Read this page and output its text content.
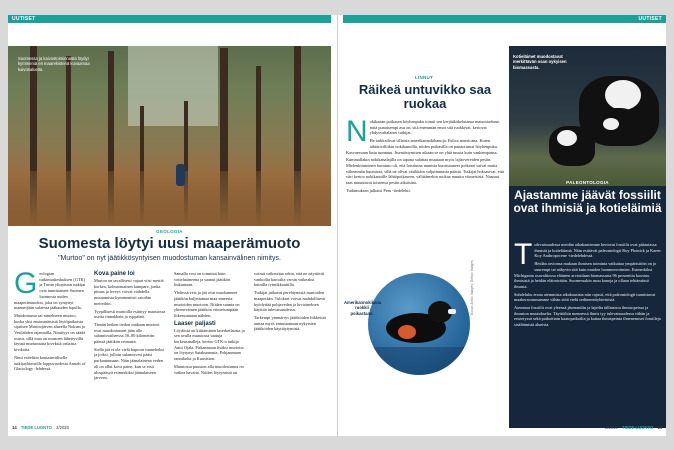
UUTISET	UUTISET
Suomessa ja kaivostoiminnasta löydyt kymmeniä eri maarekisteriä kuvaamaa kaivosalueita.
GEOLOGIA
Suomesta löytyi uusi maaperämuoto
"Murtoo" on nyt jäätikkösyntyisen muodostuman kansainvälinen nimitys.

Geologian tutkimuskeskuksen (GTK) ja Turun yliopiston tutkijat ovat tunnistaneet Suomen luonnosta uuden maaperämuodon, joka on syntynyt mannerjään sulaessa jääkauden lopulla.

Muodostuma sai nimekseen murtoo, koska yksi ensimmäisistä löytöpaikoista sijaitsee Murtoojärven alueella Nokian ja Vesilahden rajamailla. Nimityys on säädä osuva, sillä mua on murtoen lähettyvillä täysnä murtumutta kiveksiä ortlaisia kivikoita.

Nimi esiteltiin kansainväliselle tutkijayhteisölle loppuvuodesta Annals of Glaciology -lehdessä.

Kova paine loi

Murtoo on tavallisesti vajaat viisi metriä korkea, kolmiomainen kumpare, jonka pituus ja leveys voivat vaihdella muutamista kymmeniisti satoihin metreihin.

Tyypillisesti murtoilla esiintyy maastossa useita rinnakkain ja ryppäinä.

Tämän hetken tiedon mukaan murtoot ovat muodostuneet jään alle sulamisvaiheessa 50–80 kilometrin päässä jäätikön reunasta.

Siellä jää ei ole vielä kuporut tunneleiksi ja joiksi, jolloin sulamisvesi pääsi purkautumaan. Näin jäänalainena veden ali on ollut kova paine, kun se etsii ulospääsyä esimerkiksi jäänalaiseen järveen.

Samalla vesi on toiminut kuin voiteluaineena ja saanut jäätikön liukumaan.

Yhdessä vesi ja jää ovat muokanneet jäätikön kuljettamaa maa-aineesta murtoiden muotoon. Niiden suunta on yhteneväinen jäätikön viimeisimpään liikesuuntaan nähden.

Laaser paljasti

Löydöstä on kiittäminen laserkeilausta ja sen avulla maastosta saatuja korkeusmalleja, kertoo GTK:n tutkija Antti Ojala. Pirkanmaan lisäksi murtoita on löytynyt Satakunnasta, Pohjanmaan rannikolta ja Kuusiston.

Maastossa puuston alla muodostumia on vaikea havaita. Niiden löytymistä on

voinut vaikeuttaa sekin, että ne näyttävät vanhoilta kartoilta varsin vaikeaksi kuinilla rytmikkauttilla.

Tutkijat jatkavat perehtymistä murtoiden maaperään. Tulokset voivat mahdollisesti hyödyttää pohjaveden ja kiviaineksen käyttöä tulevaisuudessa.

Tarkempi ymmärrys jäätiköiden liikkeistä auttaa myös ennustamaan nykyisten jäätiköiden käyttäytymistä.

14 TIEDE LUONTO 2/2020
LINNUT
Räikeä untuvikko saa ruokaa

Nokikanan poikasen höyhenpuku toimii sen kerjääkäkelutansa maisostaduna: mitä punaisempi asu on, sitä enemmän emot sitä ruokkivat, kertovat yhdysvaltalaiset tutkijat.

He tarkkailivat sillaista amerikannokikanoja, Fulica americana. Kuten tähtärivilliikin nokikanoilla, niiden poikasilla on punaoranssi höyhenpuku. Kasvaessaan lintu tummuu. Itsenäistymisen aikaan se on yhtä musta kuin vanhempansa.

Kummallakin nokikanalajilla on tapana sulattaa muutaan myös lajitovereiden pesiin. Mielenkiintoinen havainto oli, että loisituina munista kuoriutuneet poikaset saivat muita vähemmän huomiota, sillä ne olivat värikkäin valjuimmasta päästä. Tutkijat hoksasivat, että väri kertoo nokikanoille lähtöpoikaseen, välittämekin ruokaa muuttu viimeisistä. Naaraat taas muuntavat toistensa pesiin aikuisina.

Tutkimuksen julkaisi Peas -tiedelehti.

Amerikannokikana ruokkii poikastaan.	Kuvat: Arctic Images; Gettyn Images
Kotieläimet muodostavat merkittävän osan nykyisen biomassasta.
PALEONTOLOGIA
Ajastamme jäävät fossiilit ovat ihmisiä ja kotieläimiä

Tulevaisuudessa meidän aikakautemme kertovat fossiilit ovat pääasiassa ihmisiä ja kotieläimiä. Näin esittävät paleontologit Roy Plotnick ja Karen Koy Anthropocene -tiedelehdessä.

Heidän arvionsa mukaan ihmisen toiminta vaikuttaa ympäristöön on jo suurempi tai näkyvin sitä kuin muiden luonnonvoimien. Esimerkiksi Michiganin osavaltiossa eläinten arvioidaan biomassasta 96 prosenttia koostuu ihmisistä ja heidän eläimistään. Suomessakin asuu kanoja ja ollaan tehtämässä ilmasta.

Suhdeluku eroaa aiemmista aikakausista niin rajusti, että paleontologit tunnistavat maakerrostumamme vähän siitä vielä sedimenttiyhteisöstä.

Aiemmat fossiilit ovat yleensä jäsenanilin ja lajeilta tällaisissa ihmisopeissa ja ilmaston muutokselta. Täyttöihin mennessä ihmis tyy tulevaisuudessa vähän ja eristetyssä sekä paikoittain kaatopaikoilta ja kattaa ihmispeinta ilmenemiset fossiileja sisältämistä alueista.

2/2020 TIEDE LUONTO 15
